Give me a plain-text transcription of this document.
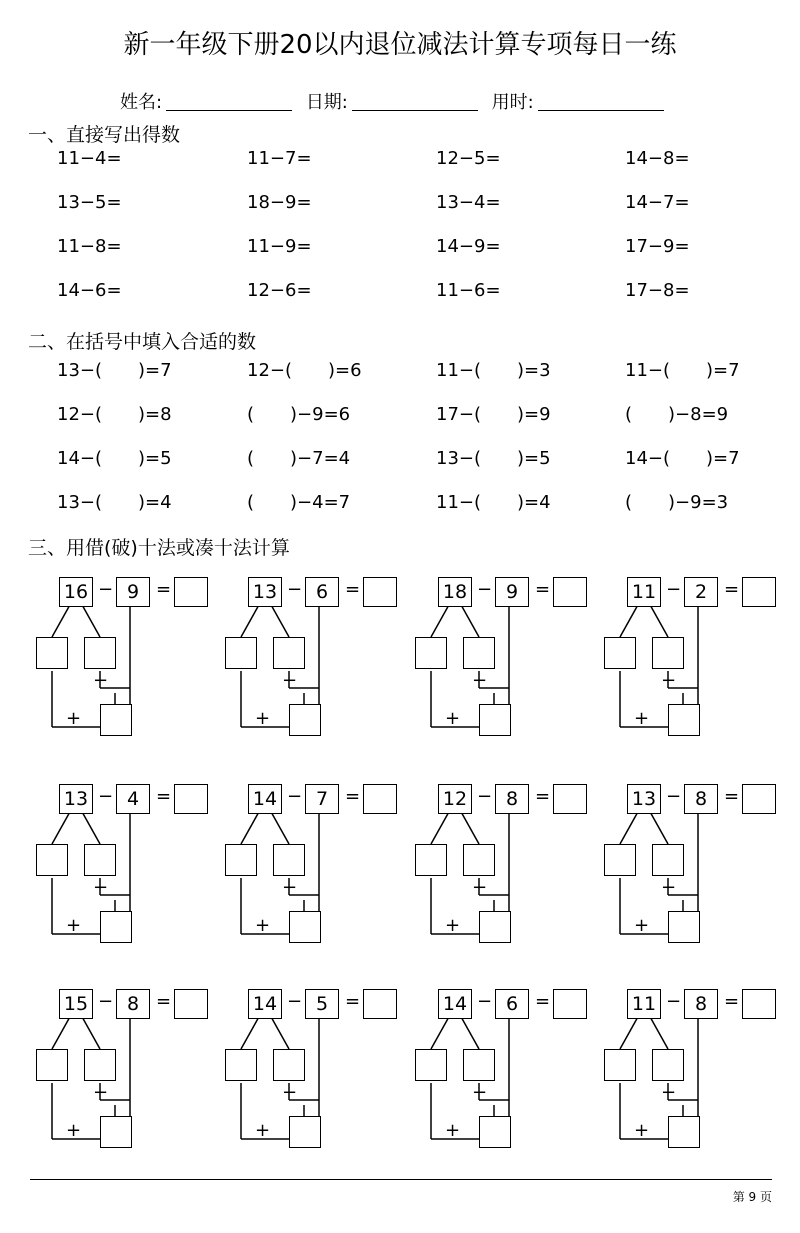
新一年级下册20以内退位减法计算专项每日一练
姓名:	日期:	用时:
一、直接写出得数
11−4=	11−7=	12−5=	14−8=
13−5=	18−9=	13−4=	14−7=
11−8=	11−9=	14−9=	17−9=
14−6=	12−6=	11−6=	17−8=
二、在括号中填入合适的数
13−(　　)=7	12−(　　)=6	11−(　　)=3	11−(　　)=7
12−(　　)=8	(　　)−9=6	17−(　　)=9	(　　)−8=9
14−(　　)=5	(　　)−7=4	13−(　　)=5	14−(　　)=7
13−(　　)=4	(　　)−4=7	11−(　　)=4	(　　)−9=3
三、用借(破)十法或凑十法计算
16 − 9 =
−
+
13 − 6 =
−
+
18 − 9 =
−
+
11 − 2 =
−
+
13 − 4 =
−
+
14 − 7 =
−
+
12 − 8 =
−
+
13 − 8 =
−
+
15 − 8 =
−
+
14 − 5 =
−
+
14 − 6 =
−
+
11 − 8 =
−
+
第 9 页
